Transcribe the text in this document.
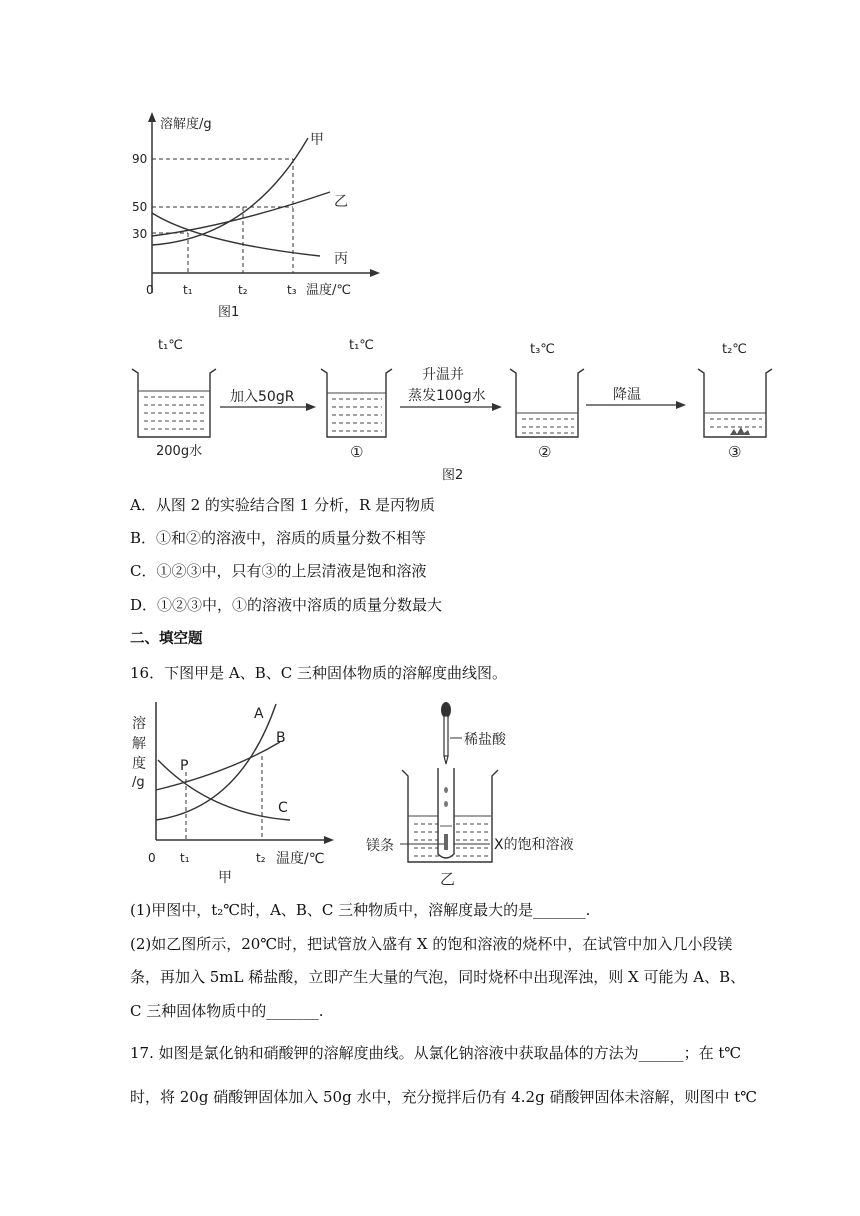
溶解度/g
90
50
30
0 t₁	t₂	t₃ 温度/℃
甲
乙
丙
图1
t₁℃	t₁℃	t₃℃	t₂℃
200g水
加入50gR
①
升温并
蒸发100g水
②
降温
③
图2
A．从图 2 的实验结合图 1 分析，R 是丙物质
B．①和②的溶液中，溶质的质量分数不相等
C．①②③中，只有③的上层清液是饱和溶液
D．①②③中，①的溶液中溶质的质量分数最大
二、填空题
16．下图甲是 A、B、C 三种固体物质的溶解度曲线图。
溶
解
度
/g
P
A
B
C
0 t₁	t₂ 温度/℃
甲
稀盐酸
镁条	X的饱和溶液
乙
(1)甲图中，t₂℃时，A、B、C 三种物质中，溶解度最大的是_______.
(2)如乙图所示，20℃时，把试管放入盛有 X 的饱和溶液的烧杯中，在试管中加入几小段镁
条，再加入 5mL 稀盐酸，立即产生大量的气泡，同时烧杯中出现浑浊，则 X 可能为 A、B、
C 三种固体物质中的_______.
17. 如图是氯化钠和硝酸钾的溶解度曲线。从氯化钠溶液中获取晶体的方法为______；在 t℃
时，将 20g 硝酸钾固体加入 50g 水中，充分搅拌后仍有 4.2g 硝酸钾固体未溶解，则图中 t℃
